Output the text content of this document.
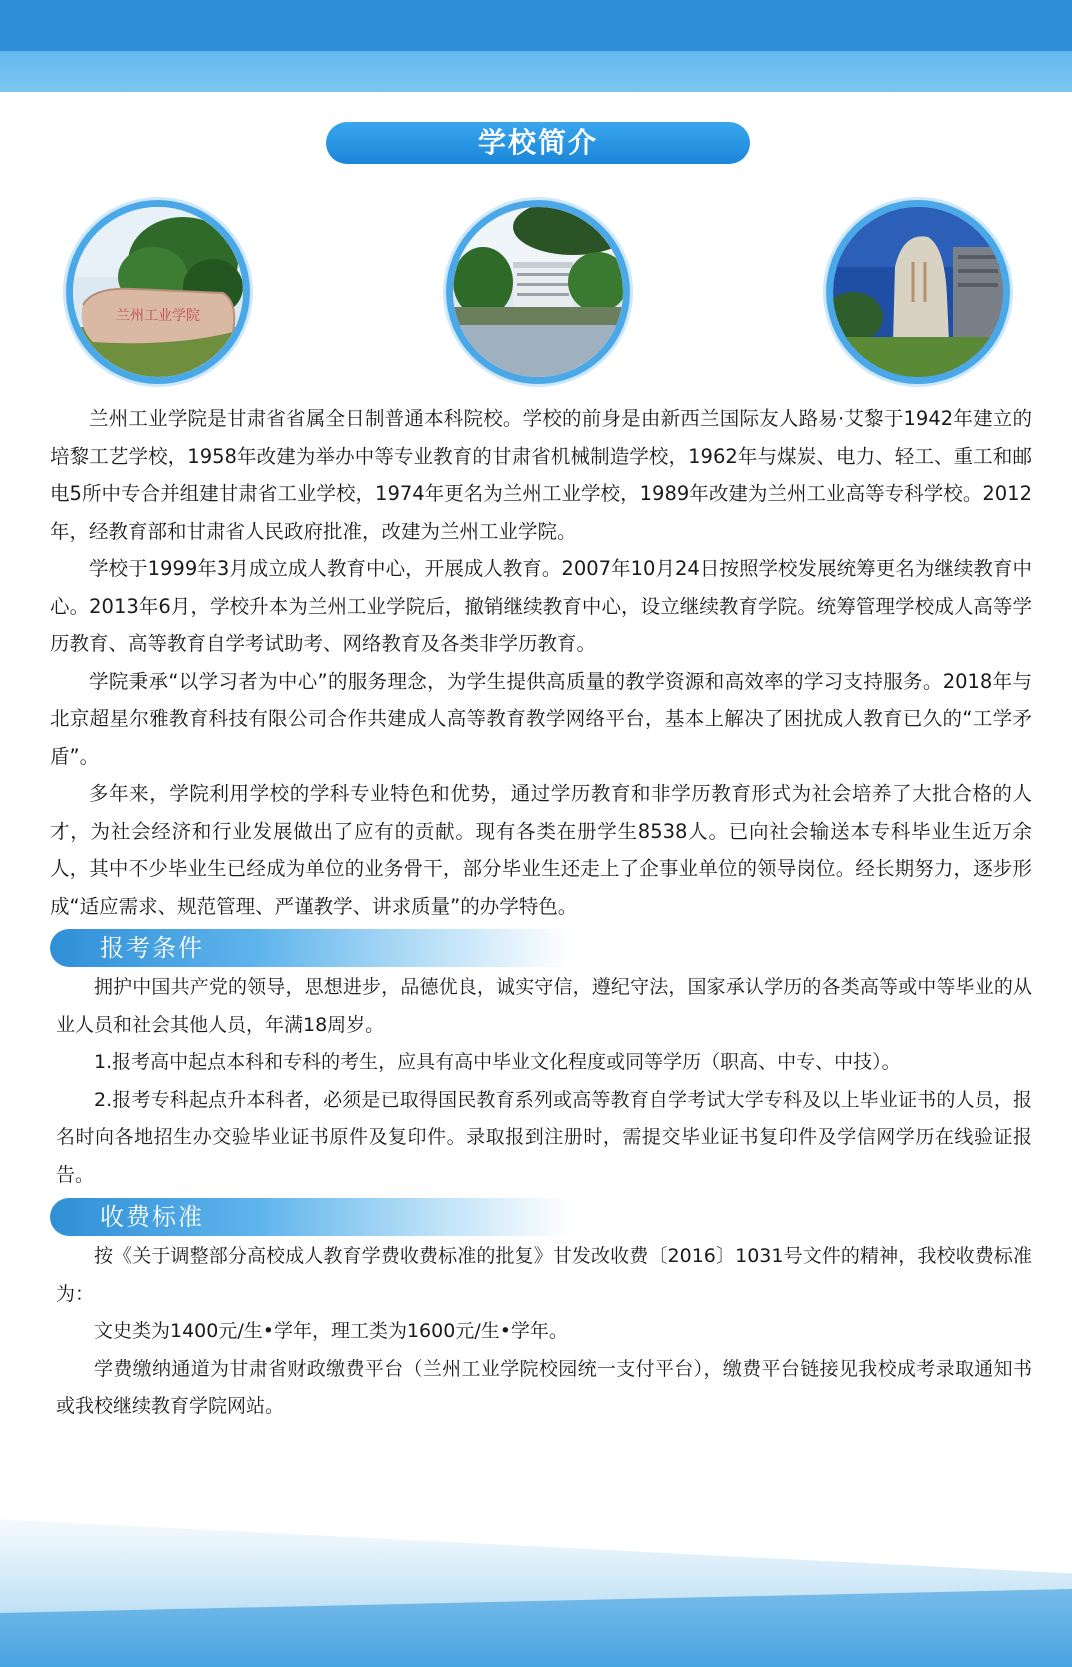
学校简介
兰州工业学院

兰州工业学院是甘肃省省属全日制普通本科院校。学校的前身是由新西兰国际友人路易·艾黎于1942年建立的培黎工艺学校，1958年改建为举办中等专业教育的甘肃省机械制造学校，1962年与煤炭、电力、轻工、重工和邮电5所中专合并组建甘肃省工业学校，1974年更名为兰州工业学校，1989年改建为兰州工业高等专科学校。2012年，经教育部和甘肃省人民政府批准，改建为兰州工业学院。

学校于1999年3月成立成人教育中心，开展成人教育。2007年10月24日按照学校发展统筹更名为继续教育中心。2013年6月，学校升本为兰州工业学院后，撤销继续教育中心，设立继续教育学院。统筹管理学校成人高等学历教育、高等教育自学考试助考、网络教育及各类非学历教育。

学院秉承“以学习者为中心”的服务理念，为学生提供高质量的教学资源和高效率的学习支持服务。2018年与北京超星尔雅教育科技有限公司合作共建成人高等教育教学网络平台，基本上解决了困扰成人教育已久的“工学矛盾”。

多年来，学院利用学校的学科专业特色和优势，通过学历教育和非学历教育形式为社会培养了大批合格的人才，为社会经济和行业发展做出了应有的贡献。现有各类在册学生8538人。已向社会输送本专科毕业生近万余人，其中不少毕业生已经成为单位的业务骨干，部分毕业生还走上了企事业单位的领导岗位。经长期努力，逐步形成“适应需求、规范管理、严谨教学、讲求质量”的办学特色。

报考条件

拥护中国共产党的领导，思想进步，品德优良，诚实守信，遵纪守法，国家承认学历的各类高等或中等毕业的从业人员和社会其他人员，年满18周岁。

1.报考高中起点本科和专科的考生，应具有高中毕业文化程度或同等学历（职高、中专、中技）。

2.报考专科起点升本科者，必须是已取得国民教育系列或高等教育自学考试大学专科及以上毕业证书的人员，报名时向各地招生办交验毕业证书原件及复印件。录取报到注册时，需提交毕业证书复印件及学信网学历在线验证报告。

收费标准

按《关于调整部分高校成人教育学费收费标准的批复》甘发改收费〔2016〕1031号文件的精神，我校收费标准为：

文史类为1400元/生•学年，理工类为1600元/生•学年。

学费缴纳通道为甘肃省财政缴费平台（兰州工业学院校园统一支付平台），缴费平台链接见我校成考录取通知书或我校继续教育学院网站。
